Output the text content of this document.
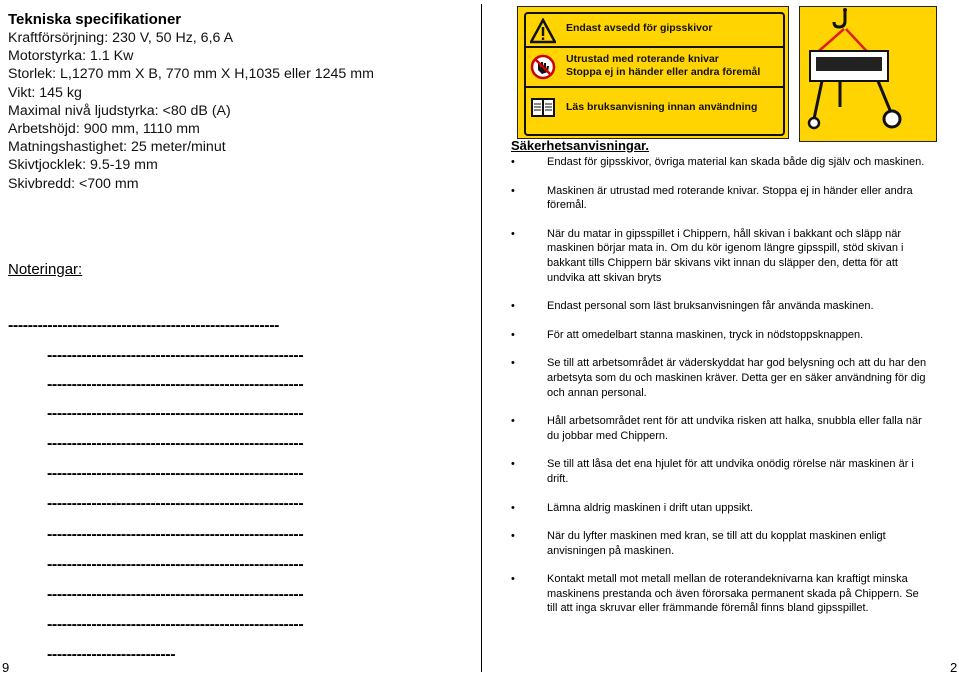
Tekniska specifikationer
Kraftförsörjning: 230 V, 50 Hz, 6,6 A
Motorstyrka: 1.1 Kw
Storlek: L,1270 mm X B, 770 mm X H,1035 eller 1245 mm
Vikt: 145 kg
Maximal nivå ljudstyrka: <80 dB (A)
Arbetshöjd: 900 mm, 1110 mm
Matningshastighet: 25 meter/minut
Skivtjocklek: 9.5-19 mm
Skivbredd: <700 mm
Noteringar:
-------------------------------------------------------
----------------------------------------------------
----------------------------------------------------
----------------------------------------------------
----------------------------------------------------
----------------------------------------------------
----------------------------------------------------
----------------------------------------------------
----------------------------------------------------
----------------------------------------------------
----------------------------------------------------
--------------------------
9
Endast avsedd för gipsskivor
Utrustad med roterande knivar
Stoppa ej in händer eller andra föremål
Läs bruksanvisning innan användning
Säkerhetsanvisningar.
•	Endast för gipsskivor, övriga material kan skada både dig själv och maskinen.
•	Maskinen är utrustad med roterande knivar. Stoppa ej in händer eller andra föremål.
•	När du matar in gipsspillet i Chippern, håll skivan i bakkant och släpp när maskinen börjar mata in. Om du kör igenom längre gipsspill, stöd skivan i bakkant tills Chippern bär skivans vikt innan du släpper den, detta för att undvika att skivan bryts
•	Endast personal som läst bruksanvisningen får använda maskinen.
•	För att omedelbart stanna maskinen, tryck in nödstoppsknappen.
•	Se till att arbetsområdet är väderskyddat har god belysning och att du har den arbetsyta som du och maskinen kräver. Detta ger en säker användning för dig och annan personal.
•	Håll arbetsområdet rent för att undvika risken att halka, snubbla eller falla när du jobbar med Chippern.
•	Se till att låsa det ena hjulet för att undvika onödig rörelse när maskinen är i drift.
•	Lämna aldrig maskinen i drift utan uppsikt.
•	När du lyfter maskinen med kran, se till att du kopplat maskinen enligt anvisningen på maskinen.
•	Kontakt metall mot metall mellan de roterandeknivarna kan kraftigt minska maskinens prestanda och även förorsaka permanent skada på Chippern. Se till att inga skruvar eller främmande föremål finns bland gipsspillet.
2
